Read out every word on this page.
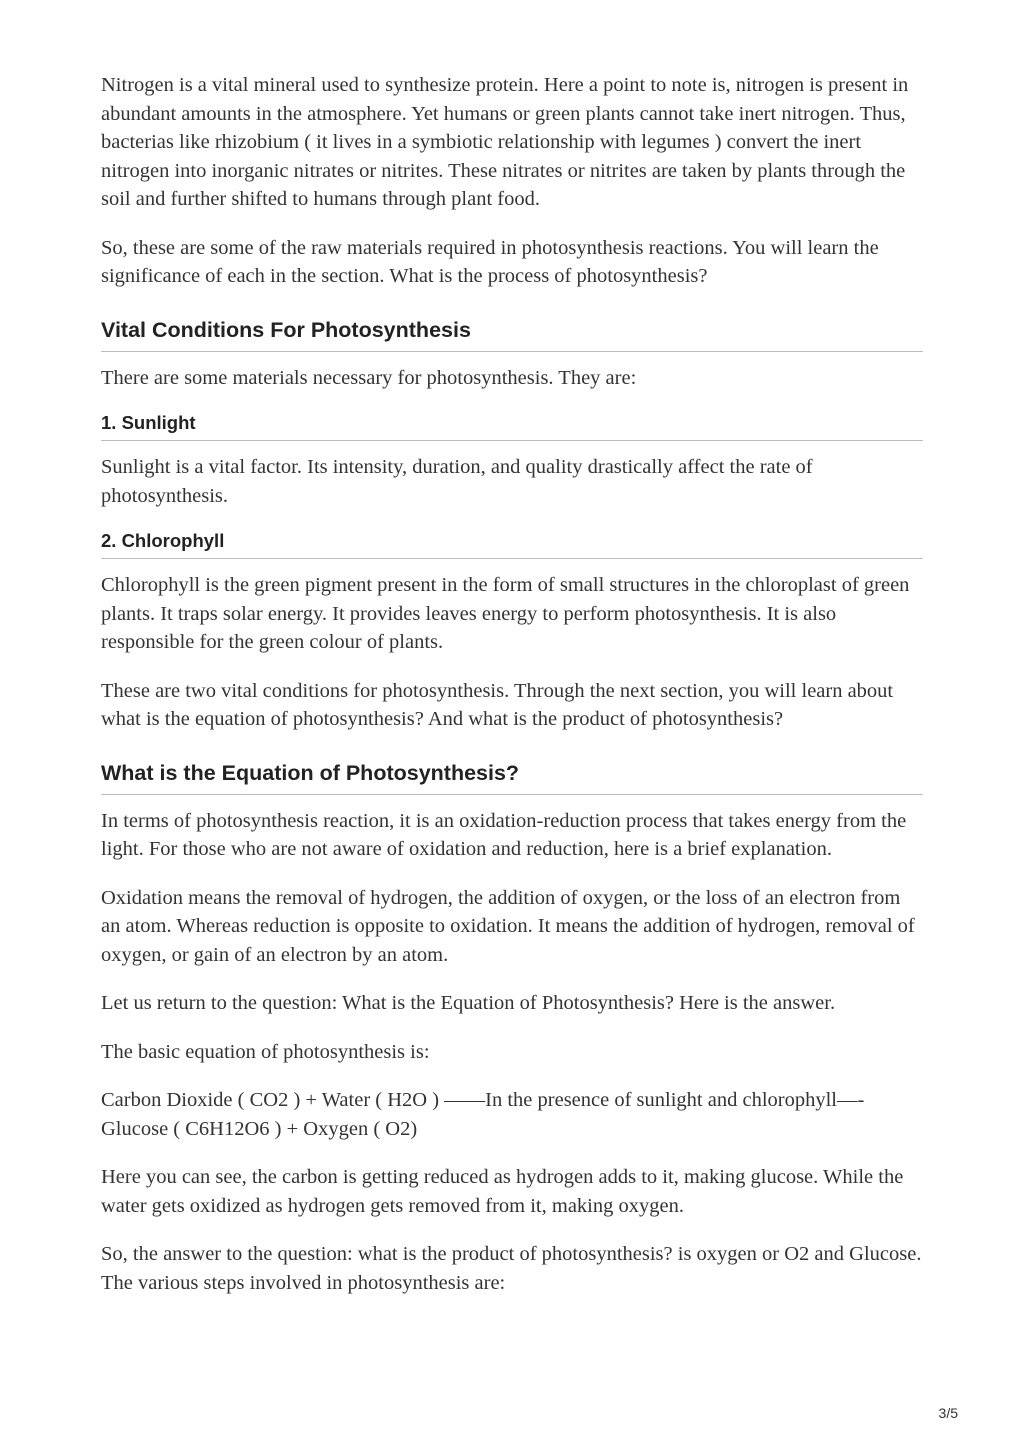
Nitrogen is a vital mineral used to synthesize protein. Here a point to note is, nitrogen is present in abundant amounts in the atmosphere. Yet humans or green plants cannot take inert nitrogen. Thus, bacterias like rhizobium ( it lives in a symbiotic relationship with legumes ) convert the inert nitrogen into inorganic nitrates or nitrites. These nitrates or nitrites are taken by plants through the soil and further shifted to humans through plant food.

So, these are some of the raw materials required in photosynthesis reactions. You will learn the significance of each in the section. What is the process of photosynthesis?

Vital Conditions For Photosynthesis

There are some materials necessary for photosynthesis. They are:

1. Sunlight

Sunlight is a vital factor. Its intensity, duration, and quality drastically affect the rate of photosynthesis.

2. Chlorophyll

Chlorophyll is the green pigment present in the form of small structures in the chloroplast of green plants. It traps solar energy. It provides leaves energy to perform photosynthesis. It is also responsible for the green colour of plants.

These are two vital conditions for photosynthesis. Through the next section, you will learn about what is the equation of photosynthesis? And what is the product of photosynthesis?

What is the Equation of Photosynthesis?

In terms of photosynthesis reaction, it is an oxidation-reduction process that takes energy from the light. For those who are not aware of oxidation and reduction, here is a brief explanation.

Oxidation means the removal of hydrogen, the addition of oxygen, or the loss of an electron from an atom. Whereas reduction is opposite to oxidation. It means the addition of hydrogen, removal of oxygen, or gain of an electron by an atom.

Let us return to the question: What is the Equation of Photosynthesis? Here is the answer.

The basic equation of photosynthesis is:

Carbon Dioxide ( CO2 ) + Water ( H2O ) ——In the presence of sunlight and chlorophyll—- Glucose ( C6H12O6 ) + Oxygen ( O2)

Here you can see, the carbon is getting reduced as hydrogen adds to it, making glucose. While the water gets oxidized as hydrogen gets removed from it, making oxygen.

So, the answer to the question: what is the product of photosynthesis? is oxygen or O2 and Glucose. The various steps involved in photosynthesis are:

3/5
